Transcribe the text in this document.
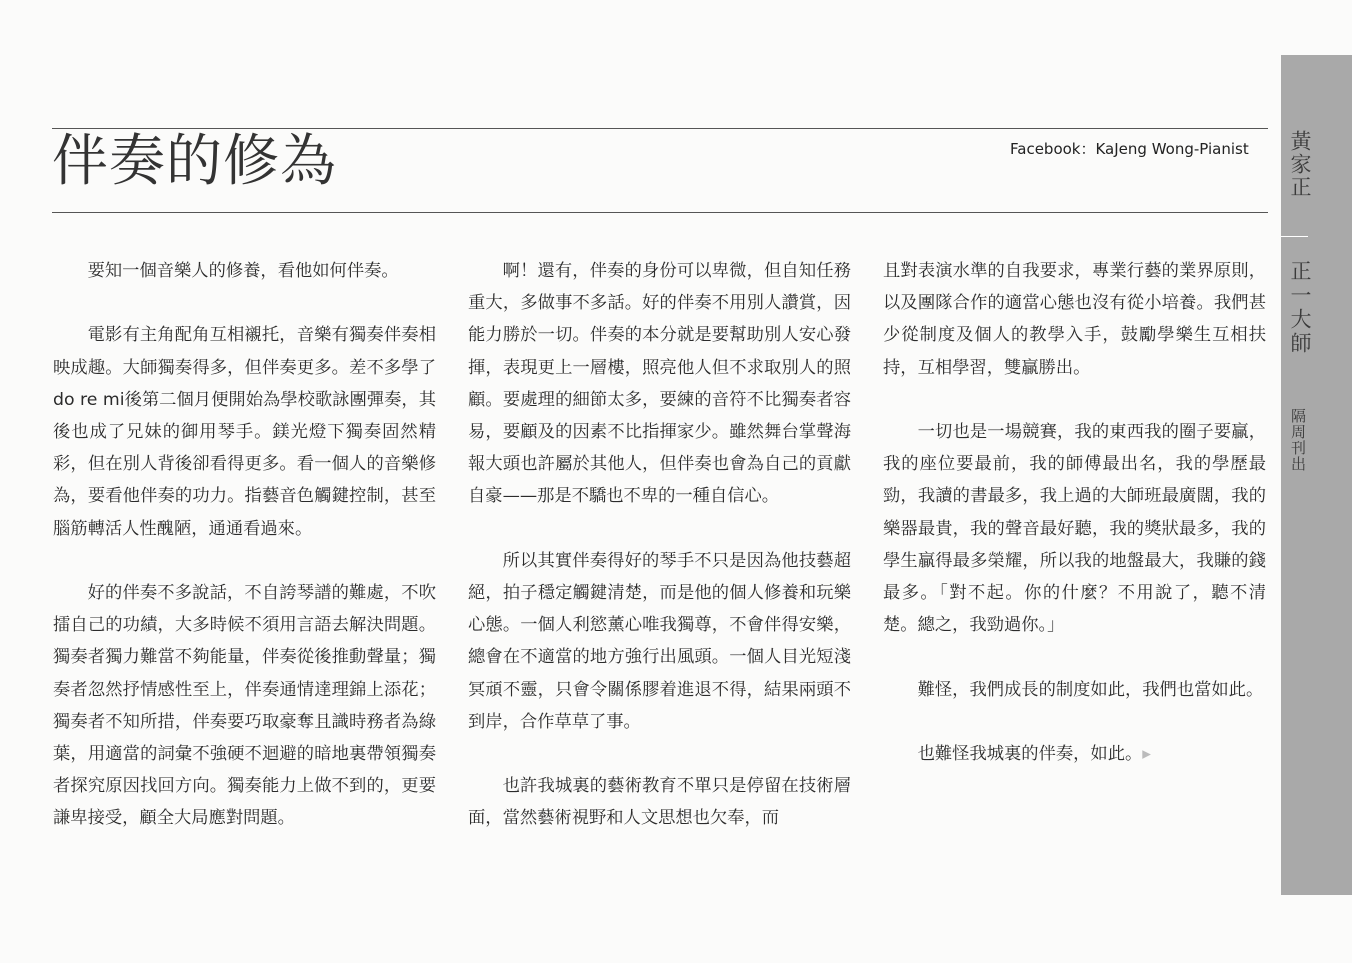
伴奏的修為	Facebook：KaJeng Wong-Pianist

要知一個音樂人的修養，看他如何伴奏。

電影有主角配角互相襯托，音樂有獨奏伴奏相映成趣。大師獨奏得多，但伴奏更多。差不多學了do re mi後第二個月便開始為學校歌詠團彈奏，其後也成了兄妹的御用琴手。鎂光燈下獨奏固然精彩，但在別人背後卻看得更多。看一個人的音樂修為，要看他伴奏的功力。指藝音色觸鍵控制，甚至腦筋轉活人性醜陋，通通看過來。

好的伴奏不多說話，不自誇琴譜的難處，不吹擂自己的功績，大多時候不須用言語去解決問題。獨奏者獨力難當不夠能量，伴奏從後推動聲量；獨奏者忽然抒情感性至上，伴奏通情達理錦上添花；獨奏者不知所措，伴奏要巧取豪奪且識時務者為綠葉，用適當的詞彙不強硬不迴避的暗地裏帶領獨奏者探究原因找回方向。獨奏能力上做不到的，更要謙卑接受，顧全大局應對問題。

啊！還有，伴奏的身份可以卑微，但自知任務重大，多做事不多話。好的伴奏不用別人讚賞，因能力勝於一切。伴奏的本分就是要幫助別人安心發揮，表現更上一層樓，照亮他人但不求取別人的照顧。要處理的細節太多，要練的音符不比獨奏者容易，要顧及的因素不比指揮家少。雖然舞台掌聲海報大頭也許屬於其他人，但伴奏也會為自己的貢獻自豪——那是不驕也不卑的一種自信心。

所以其實伴奏得好的琴手不只是因為他技藝超絕，拍子穩定觸鍵清楚，而是他的個人修養和玩樂心態。一個人利慾薰心唯我獨尊，不會伴得安樂，總會在不適當的地方強行出風頭。一個人目光短淺冥頑不靈，只會令關係膠着進退不得，結果兩頭不到岸，合作草草了事。

也許我城裏的藝術教育不單只是停留在技術層面，當然藝術視野和人文思想也欠奉，而

且對表演水準的自我要求，專業行藝的業界原則，以及團隊合作的適當心態也沒有從小培養。我們甚少從制度及個人的教學入手，鼓勵學樂生互相扶持，互相學習，雙贏勝出。

一切也是一場競賽，我的東西我的圈子要贏，我的座位要最前，我的師傅最出名，我的學歷最勁，我讀的書最多，我上過的大師班最廣闊，我的樂器最貴，我的聲音最好聽，我的獎狀最多，我的學生贏得最多榮耀，所以我的地盤最大，我賺的錢最多。「對不起。你的什麼？不用說了，聽不清楚。總之，我勁過你。」

難怪，我們成長的制度如此，我們也當如此。

也難怪我城裏的伴奏，如此。▸

黃家正
正一大師
隔周刊出
